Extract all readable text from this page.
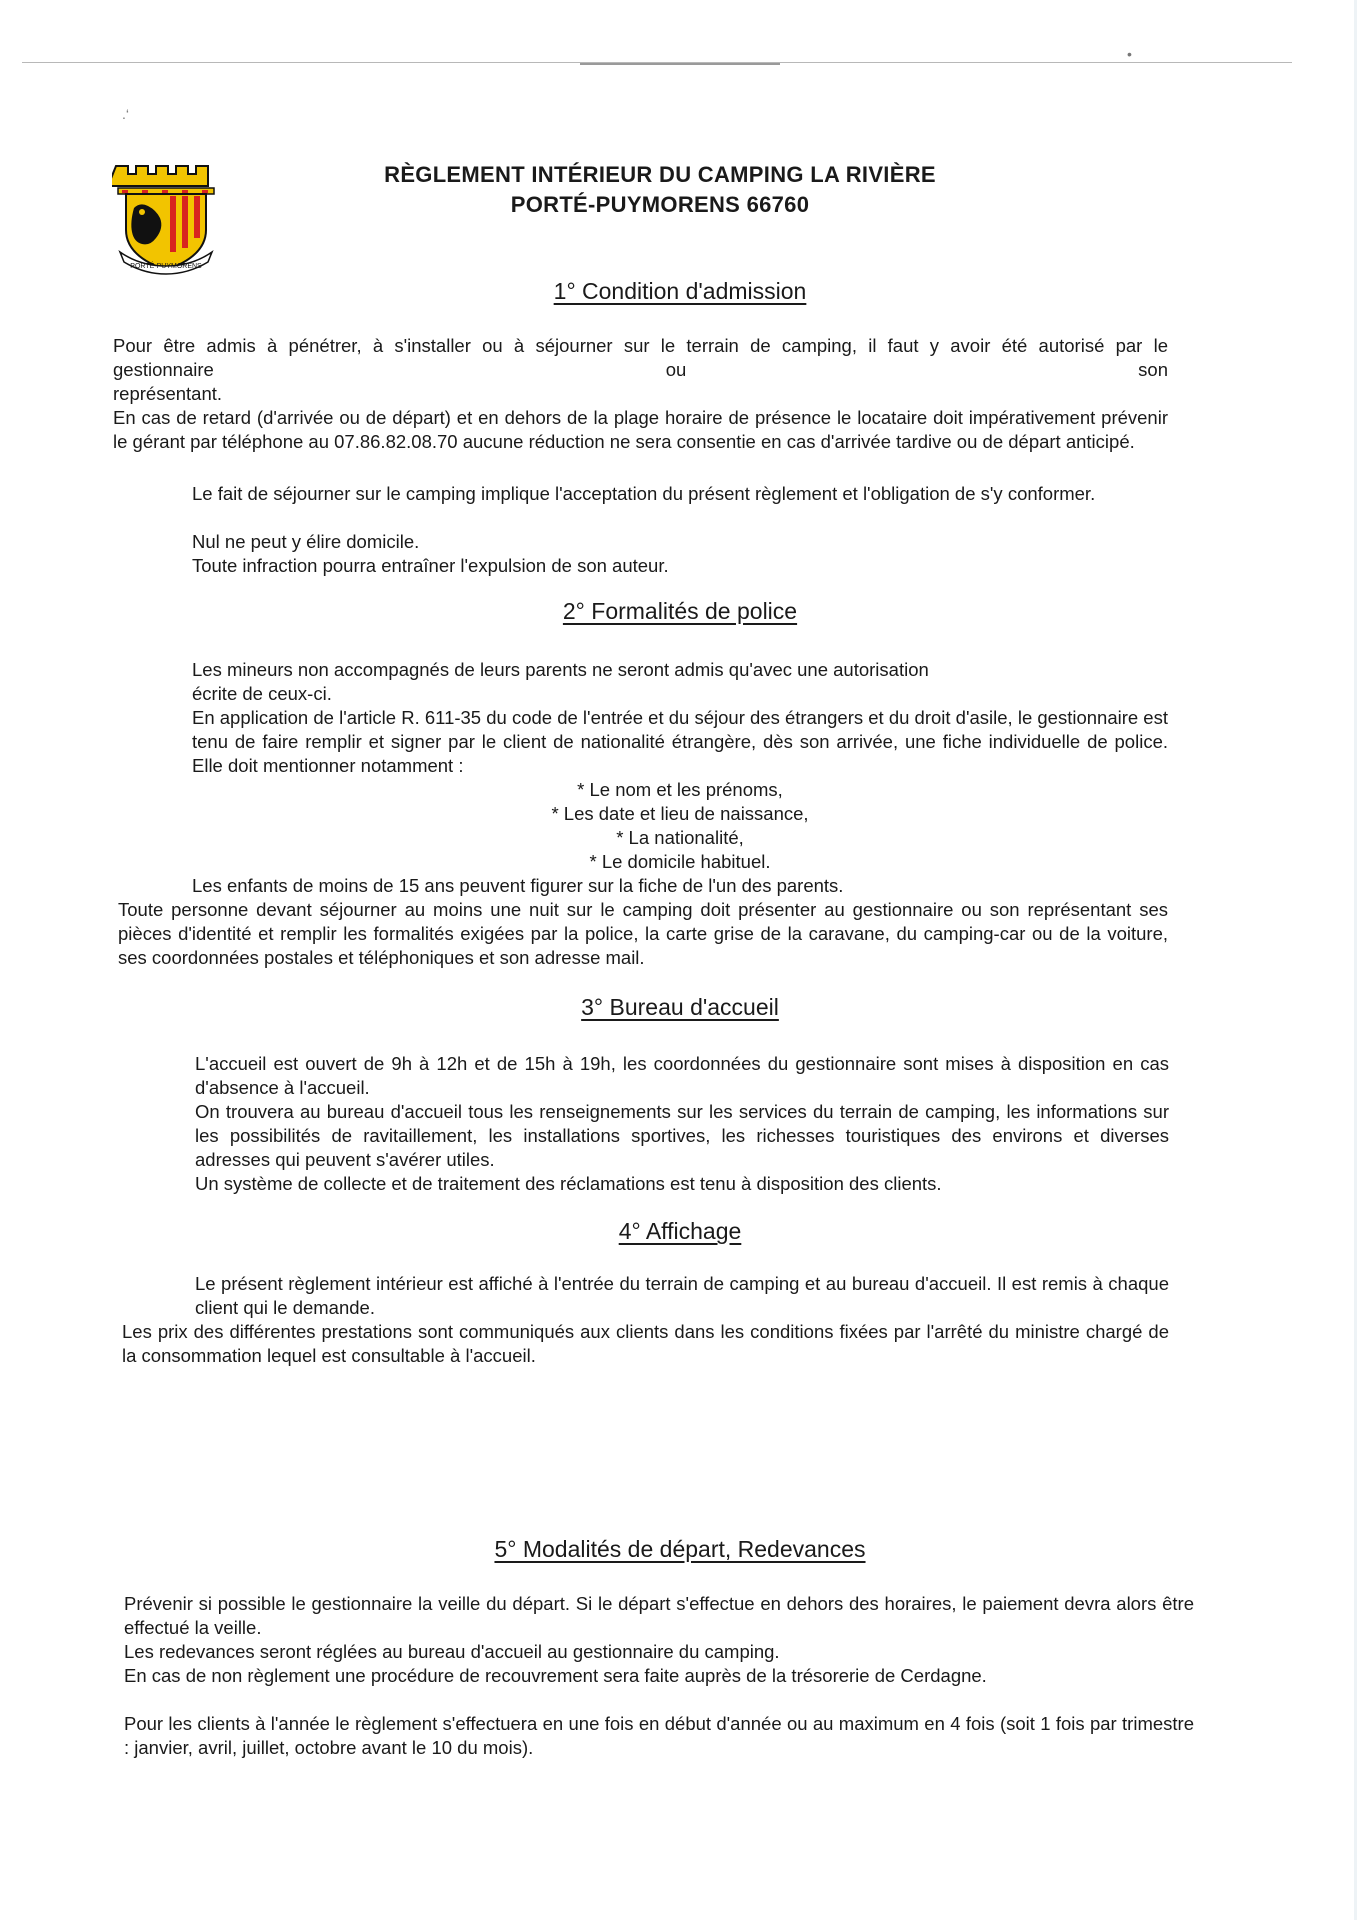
•
.‘
PORTÉ-PUYMORENS
RÈGLEMENT INTÉRIEUR DU CAMPING LA RIVIÈRE
PORTÉ-PUYMORENS 66760
1° Condition d'admission

Pour être admis à pénétrer, à s'installer ou à séjourner sur le terrain de camping, il faut y avoir été autorisé par le

gestionnaire	ou	son

représentant.

En cas de retard (d'arrivée ou de départ) et en dehors de la plage horaire de présence le locataire doit impérativement prévenir le gérant par téléphone au 07.86.82.08.70 aucune réduction ne sera consentie en cas d'arrivée tardive ou de départ anticipé.

Le fait de séjourner sur le camping implique l'acceptation du présent règlement et l'obligation de s'y conformer.

Nul ne peut y élire domicile.

Toute infraction pourra entraîner l'expulsion de son auteur.

2° Formalités de police

Les mineurs non accompagnés de leurs parents ne seront admis qu'avec une autorisation

écrite de ceux-ci.

En application de l'article R. 611-35 du code de l'entrée et du séjour des étrangers et du droit d'asile, le gestionnaire est tenu de faire remplir et signer par le client de nationalité étrangère, dès son arrivée, une fiche individuelle de police. Elle doit mentionner notamment :

* Le nom et les prénoms,

* Les date et lieu de naissance,

* La nationalité,

* Le domicile habituel.

Les enfants de moins de 15 ans peuvent figurer sur la fiche de l'un des parents.

Toute personne devant séjourner au moins une nuit sur le camping doit présenter au gestionnaire ou son représentant ses pièces d'identité et remplir les formalités exigées par la police, la carte grise de la caravane, du camping-car ou de la voiture, ses coordonnées postales et téléphoniques et son adresse mail.

3° Bureau d'accueil

L'accueil est ouvert de 9h à 12h et de 15h à 19h, les coordonnées du gestionnaire sont mises à disposition en cas d'absence à l'accueil.

On trouvera au bureau d'accueil tous les renseignements sur les services du terrain de camping, les informations sur les possibilités de ravitaillement, les installations sportives, les richesses touristiques des environs et diverses adresses qui peuvent s'avérer utiles.

Un système de collecte et de traitement des réclamations est tenu à disposition des clients.

4° Affichage

Le présent règlement intérieur est affiché à l'entrée du terrain de camping et au bureau d'accueil. Il est remis à chaque client qui le demande.

Les prix des différentes prestations sont communiqués aux clients dans les conditions fixées par l'arrêté du ministre chargé de la consommation lequel est consultable à l'accueil.

5° Modalités de départ, Redevances

Prévenir si possible le gestionnaire la veille du départ. Si le départ s'effectue en dehors des horaires, le paiement devra alors être effectué la veille.

Les redevances seront réglées au bureau d'accueil au gestionnaire du camping.

En cas de non règlement une procédure de recouvrement sera faite auprès de la trésorerie de Cerdagne.

Pour les clients à l'année le règlement s'effectuera en une fois en début d'année ou au maximum en 4 fois (soit 1 fois par trimestre : janvier, avril, juillet, octobre avant le 10 du mois).
